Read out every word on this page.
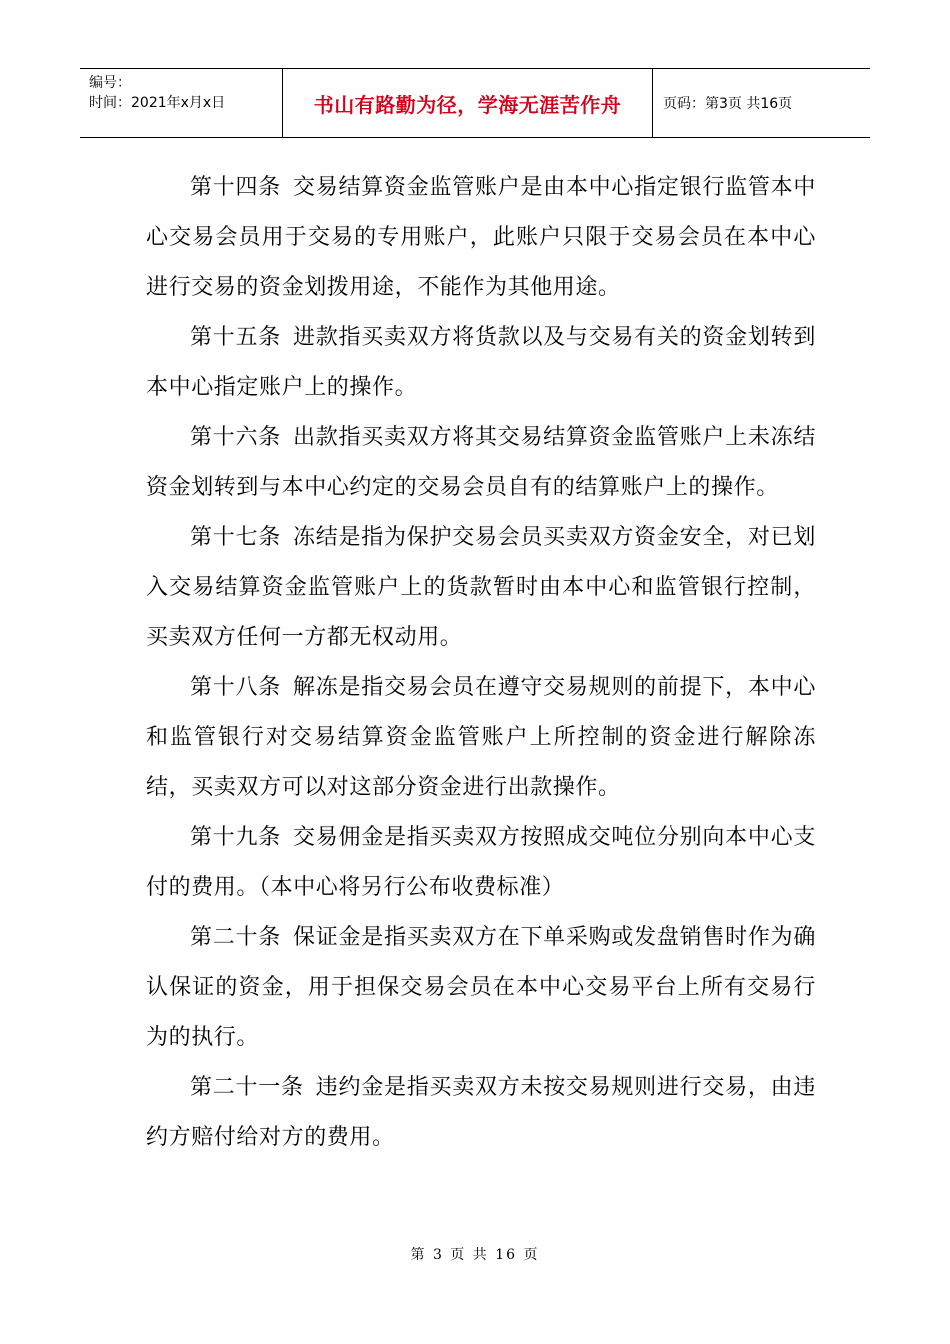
编号：
时间：2021年x月x日	书山有路勤为径，学海无涯苦作舟	页码：第3页 共16页

第十四条 交易结算资金监管账户是由本中心指定银行监管本中心交易会员用于交易的专用账户，此账户只限于交易会员在本中心进行交易的资金划拨用途，不能作为其他用途。

第十五条 进款指买卖双方将货款以及与交易有关的资金划转到本中心指定账户上的操作。

第十六条 出款指买卖双方将其交易结算资金监管账户上未冻结资金划转到与本中心约定的交易会员自有的结算账户上的操作。

第十七条 冻结是指为保护交易会员买卖双方资金安全，对已划入交易结算资金监管账户上的货款暂时由本中心和监管银行控制，买卖双方任何一方都无权动用。

第十八条 解冻是指交易会员在遵守交易规则的前提下，本中心和监管银行对交易结算资金监管账户上所控制的资金进行解除冻结，买卖双方可以对这部分资金进行出款操作。

第十九条 交易佣金是指买卖双方按照成交吨位分别向本中心支付的费用。（本中心将另行公布收费标准）

第二十条 保证金是指买卖双方在下单采购或发盘销售时作为确认保证的资金，用于担保交易会员在本中心交易平台上所有交易行为的执行。

第二十一条 违约金是指买卖双方未按交易规则进行交易，由违约方赔付给对方的费用。

第 3 页 共 16 页
